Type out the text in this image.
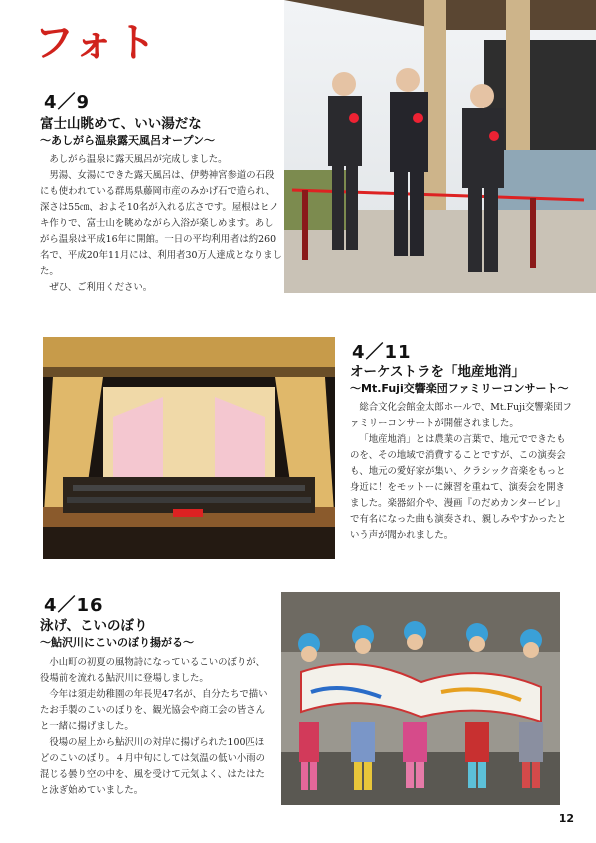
フォト
4／9
富士山眺めて、いい湯だな
〜あしがら温泉露天風呂オープン〜

あしがら温泉に露天風呂が完成しました。

男湯、女湯にできた露天風呂は、伊勢神宮参道の石段にも使われている群馬県藤岡市産のみかげ石で造られ、深さは55㎝、およそ10名が入れる広さです。屋根はヒノキ作りで、富士山を眺めながら入浴が楽しめます。あしがら温泉は平成16年に開館。一日の平均利用者は約260名で、平成20年11月には、利用者30万人達成となりました。

ぜひ、ご利用ください。

4／11
オーケストラを「地産地消」
〜Mt.Fuji交響楽団ファミリーコンサート〜

総合文化会館金太郎ホールで、Mt.Fuji交響楽団ファミリーコンサートが開催されました。

「地産地消」とは農業の言葉で、地元でできたものを、その地域で消費することですが、この演奏会も、地元の愛好家が集い、クラシック音楽をもっと身近に！をモットーに練習を重ねて、演奏会を開きました。楽器紹介や、漫画『のだめカンタービレ』で有名になった曲も演奏され、親しみやすかったという声が聞かれました。

4／16
泳げ、こいのぼり
〜鮎沢川にこいのぼり揚がる〜

小山町の初夏の風物詩になっているこいのぼりが、役場前を流れる鮎沢川に登場しました。

今年は須走幼稚園の年長児47名が、自分たちで描いたお手製のこいのぼりを、観光協会や商工会の皆さんと一緒に揚げました。

役場の屋上から鮎沢川の対岸に揚げられた100匹ほどのこいのぼり。４月中旬にしては気温の低い小雨の混じる曇り空の中を、風を受けて元気よく、はたはたと泳ぎ始めていました。

12
